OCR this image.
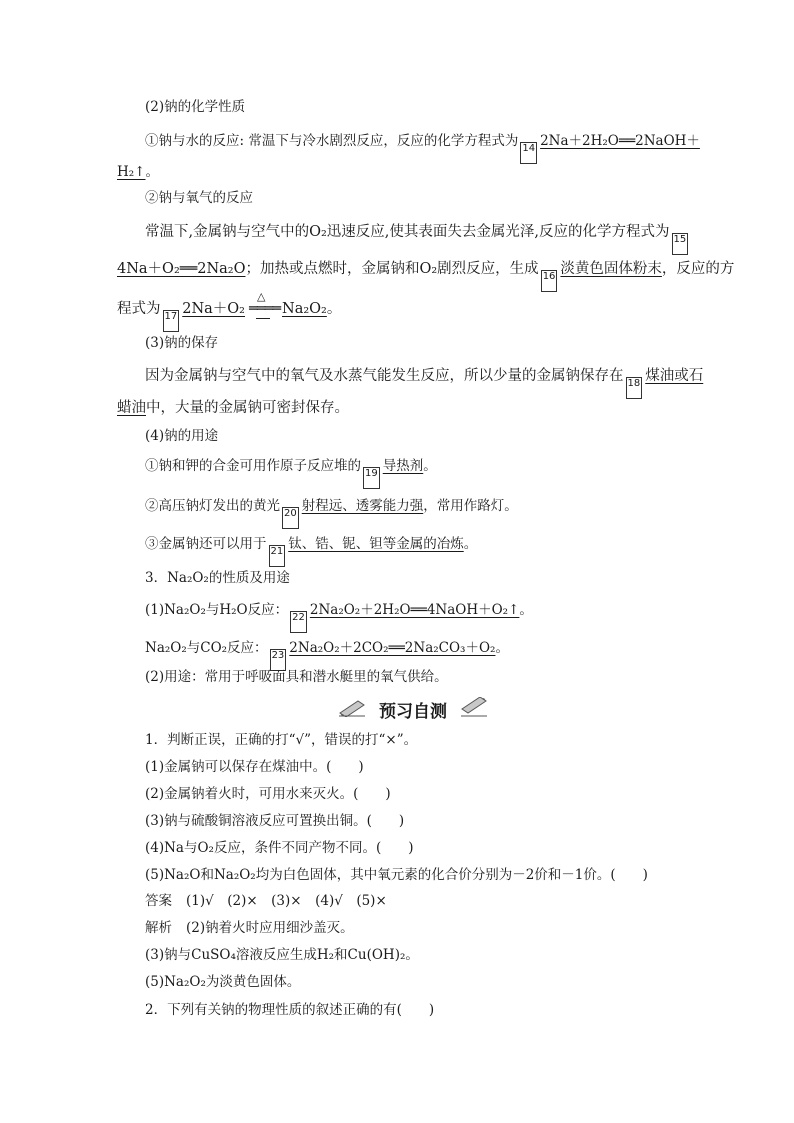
(2)钠的化学性质
①钠与水的反应: 常温下与冷水剧烈反应，反应的化学方程式为 14 2Na＋2H₂O══2NaOH＋
H₂↑。
②钠与氧气的反应
常温下,金属钠与空气中的O₂迅速反应,使其表面失去金属光泽,反应的化学方程式为 15
4Na＋O₂══2Na₂O；加热或点燃时，金属钠和O₂剧烈反应，生成 16 淡黄色固体粉末，反应的方
程式为 17 2Na＋O₂
△
════ Na₂O₂。
(3)钠的保存
因为金属钠与空气中的氧气及水蒸气能发生反应，所以少量的金属钠保存在 18 煤油或石
蜡油中，大量的金属钠可密封保存。
(4)钠的用途
①钠和钾的合金可用作原子反应堆的 19 导热剂。
②高压钠灯发出的黄光 20 射程远、透雾能力强，常用作路灯。
③金属钠还可以用于 21 钛、锆、铌、钽等金属的冶炼。
3．Na₂O₂的性质及用途
(1)Na₂O₂与H₂O反应： 22 2Na₂O₂＋2H₂O══4NaOH＋O₂↑。
Na₂O₂与CO₂反应： 23 2Na₂O₂＋2CO₂══2Na₂CO₃＋O₂。
(2)用途：常用于呼吸面具和潜水艇里的氧气供给。
预习自测
1．判断正误，正确的打“√”，错误的打“×”。
(1)金属钠可以保存在煤油中。(　　)
(2)金属钠着火时，可用水来灭火。(　　)
(3)钠与硫酸铜溶液反应可置换出铜。(　　)
(4)Na与O₂反应，条件不同产物不同。(　　)
(5)Na₂O和Na₂O₂均为白色固体，其中氧元素的化合价分别为－2价和－1价。(　　)
答案 (1)√　(2)×　(3)×　(4)√　(5)×
解析 (2)钠着火时应用细沙盖灭。
(3)钠与CuSO₄溶液反应生成H₂和Cu(OH)₂。
(5)Na₂O₂为淡黄色固体。
2．下列有关钠的物理性质的叙述正确的有(　　)
